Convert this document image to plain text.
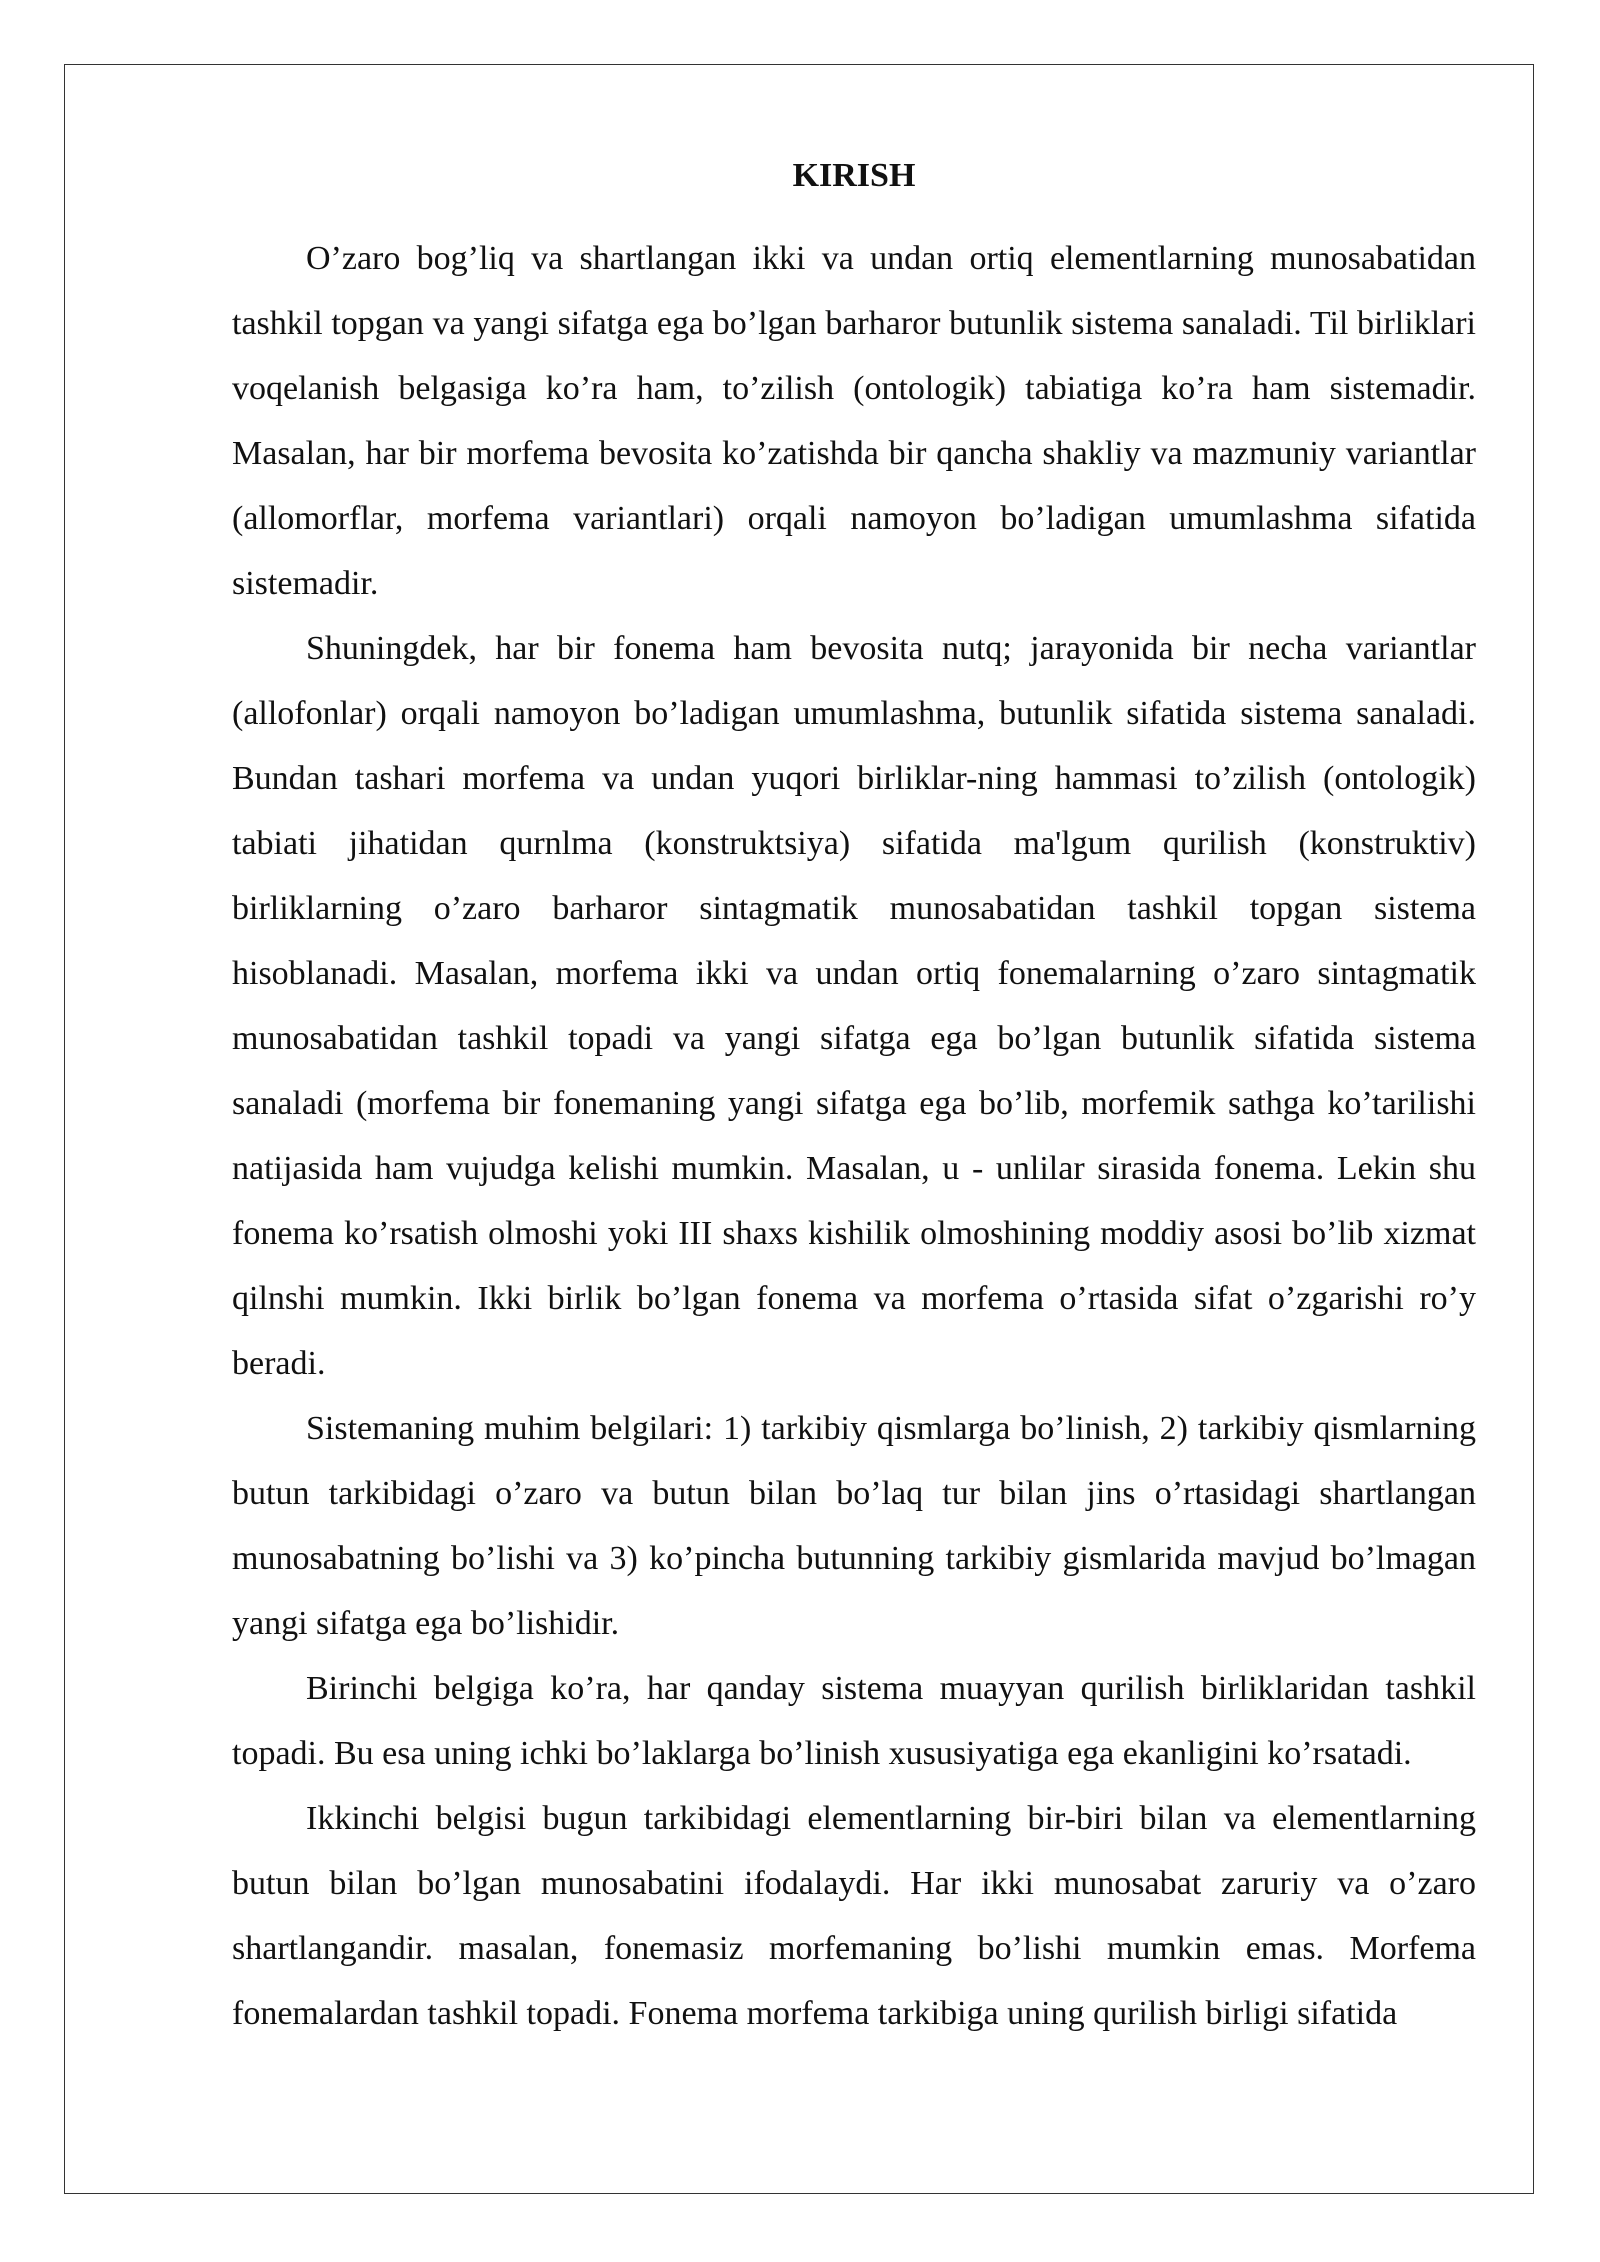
KIRISH

O’zaro bog’liq va shartlangan ikki va undan ortiq elementlarning munosabatidan tashkil topgan va yangi sifatga ega bo’lgan barharor butunlik sistema sanaladi. Til birliklari voqelanish belgasiga ko’ra ham, to’zilish (ontologik) tabiatiga ko’ra ham sistemadir. Masalan, har bir morfema bevosita ko’zatishda bir qancha shakliy va mazmuniy variantlar (allomorflar, morfema variantlari) orqali namoyon bo’ladigan umumlashma sifatida sistemadir.

Shuningdek, har bir fonema ham bevosita nutq; jarayonida bir necha variantlar (allofonlar) orqali namoyon bo’ladigan umumlashma, butunlik sifatida sistema sanaladi. Bundan tashari morfema va undan yuqori birliklar-ning hammasi to’zilish (ontologik) tabiati jihatidan qurnlma (konstruktsiya) sifatida ma'lgum qurilish (konstruktiv) birliklarning o’zaro barharor sintagmatik munosabatidan tashkil topgan sistema hisoblanadi. Masalan, morfema ikki va undan ortiq fonemalarning o’zaro sintagmatik munosabatidan tashkil topadi va yangi sifatga ega bo’lgan butunlik sifatida sistema sanaladi (morfema bir fonemaning yangi sifatga ega bo’lib, morfemik sathga ko’tarilishi natijasida ham vujudga kelishi mumkin. Masalan, u - unlilar sirasida fonema. Lekin shu fonema ko’rsatish olmoshi yoki III shaxs kishilik olmoshining moddiy asosi bo’lib xizmat qilnshi mumkin. Ikki birlik bo’lgan fonema va morfema o’rtasida sifat o’zgarishi ro’y beradi.

Sistemaning muhim belgilari: 1) tarkibiy qismlarga bo’linish, 2) tarkibiy qismlarning butun tarkibidagi o’zaro va butun bilan bo’laq tur bilan jins o’rtasidagi shartlangan munosabatning bo’lishi va 3) ko’pincha butunning tarkibiy gismlarida mavjud bo’lmagan yangi sifatga ega bo’lishidir.

Birinchi belgiga ko’ra, har qanday sistema muayyan qurilish birliklaridan tashkil topadi. Bu esa uning ichki bo’laklarga bo’linish xususiyatiga ega ekanligini ko’rsatadi.

Ikkinchi belgisi bugun tarkibidagi elementlarning bir-biri bilan va elementlarning butun bilan bo’lgan munosabatini ifodalaydi. Har ikki munosabat zaruriy va o’zaro shartlangandir. masalan, fonemasiz morfemaning bo’lishi mumkin emas. Morfema fonemalardan tashkil topadi. Fonema morfema tarkibiga uning qurilish birligi sifatida
